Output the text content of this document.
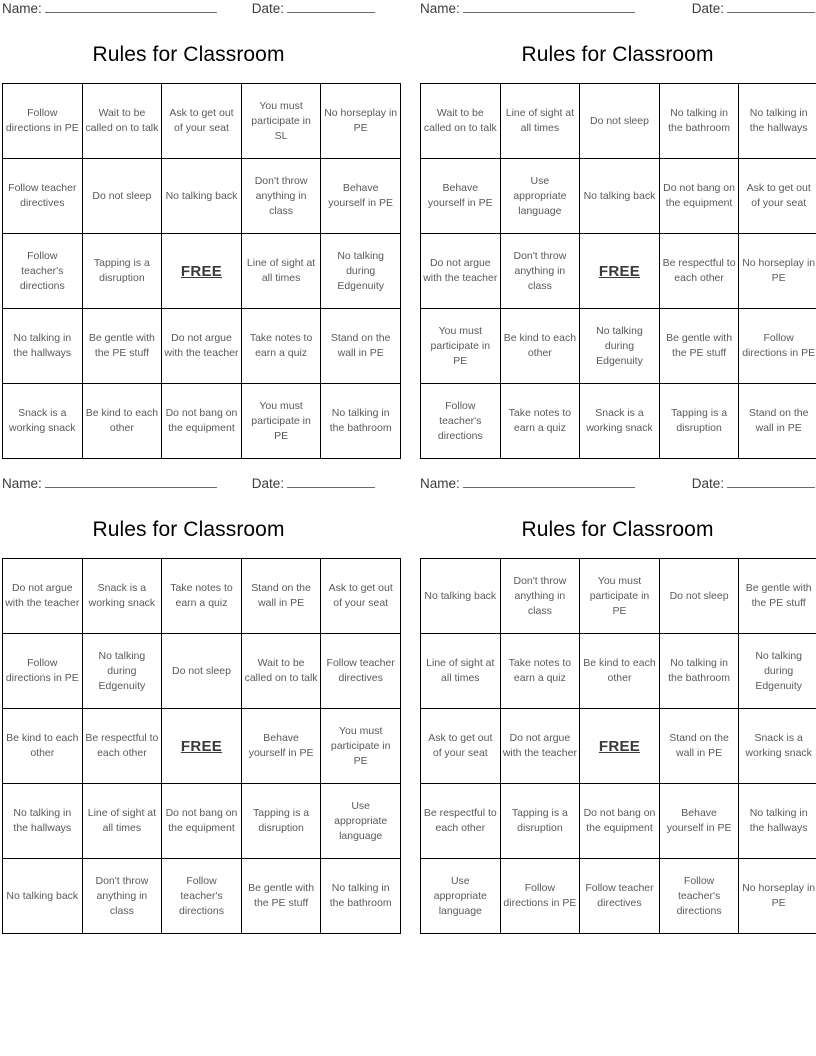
Name:	Date:
Rules for Classroom
Follow directions in PE	Wait to be called on to talk	Ask to get out of your seat	You must participate in SL	No horseplay in PE
Follow teacher directives	Do not sleep	No talking back	Don't throw anything in class	Behave yourself in PE
Follow teacher's directions	Tapping is a disruption	FREE	Line of sight at all times	No talking during Edgenuity
No talking in the hallways	Be gentle with the PE stuff	Do not argue with the teacher	Take notes to earn a quiz	Stand on the wall in PE
Snack is a working snack	Be kind to each other	Do not bang on the equipment	You must participate in PE	No talking in the bathroom
Name:	Date:
Rules for Classroom
Wait to be called on to talk	Line of sight at all times	Do not sleep	No talking in the bathroom	No talking in the hallways
Behave yourself in PE	Use appropriate language	No talking back	Do not bang on the equipment	Ask to get out of your seat
Do not argue with the teacher	Don't throw anything in class	FREE	Be respectful to each other	No horseplay in PE
You must participate in PE	Be kind to each other	No talking during Edgenuity	Be gentle with the PE stuff	Follow directions in PE
Follow teacher's directions	Take notes to earn a quiz	Snack is a working snack	Tapping is a disruption	Stand on the wall in PE
Name:	Date:
Rules for Classroom
Do not argue with the teacher	Snack is a working snack	Take notes to earn a quiz	Stand on the wall in PE	Ask to get out of your seat
Follow directions in PE	No talking during Edgenuity	Do not sleep	Wait to be called on to talk	Follow teacher directives
Be kind to each other	Be respectful to each other	FREE	Behave yourself in PE	You must participate in PE
No talking in the hallways	Line of sight at all times	Do not bang on the equipment	Tapping is a disruption	Use appropriate language
No talking back	Don't throw anything in class	Follow teacher's directions	Be gentle with the PE stuff	No talking in the bathroom
Name:	Date:
Rules for Classroom
No talking back	Don't throw anything in class	You must participate in PE	Do not sleep	Be gentle with the PE stuff
Line of sight at all times	Take notes to earn a quiz	Be kind to each other	No talking in the bathroom	No talking during Edgenuity
Ask to get out of your seat	Do not argue with the teacher	FREE	Stand on the wall in PE	Snack is a working snack
Be respectful to each other	Tapping is a disruption	Do not bang on the equipment	Behave yourself in PE	No talking in the hallways
Use appropriate language	Follow directions in PE	Follow teacher directives	Follow teacher's directions	No horseplay in PE
